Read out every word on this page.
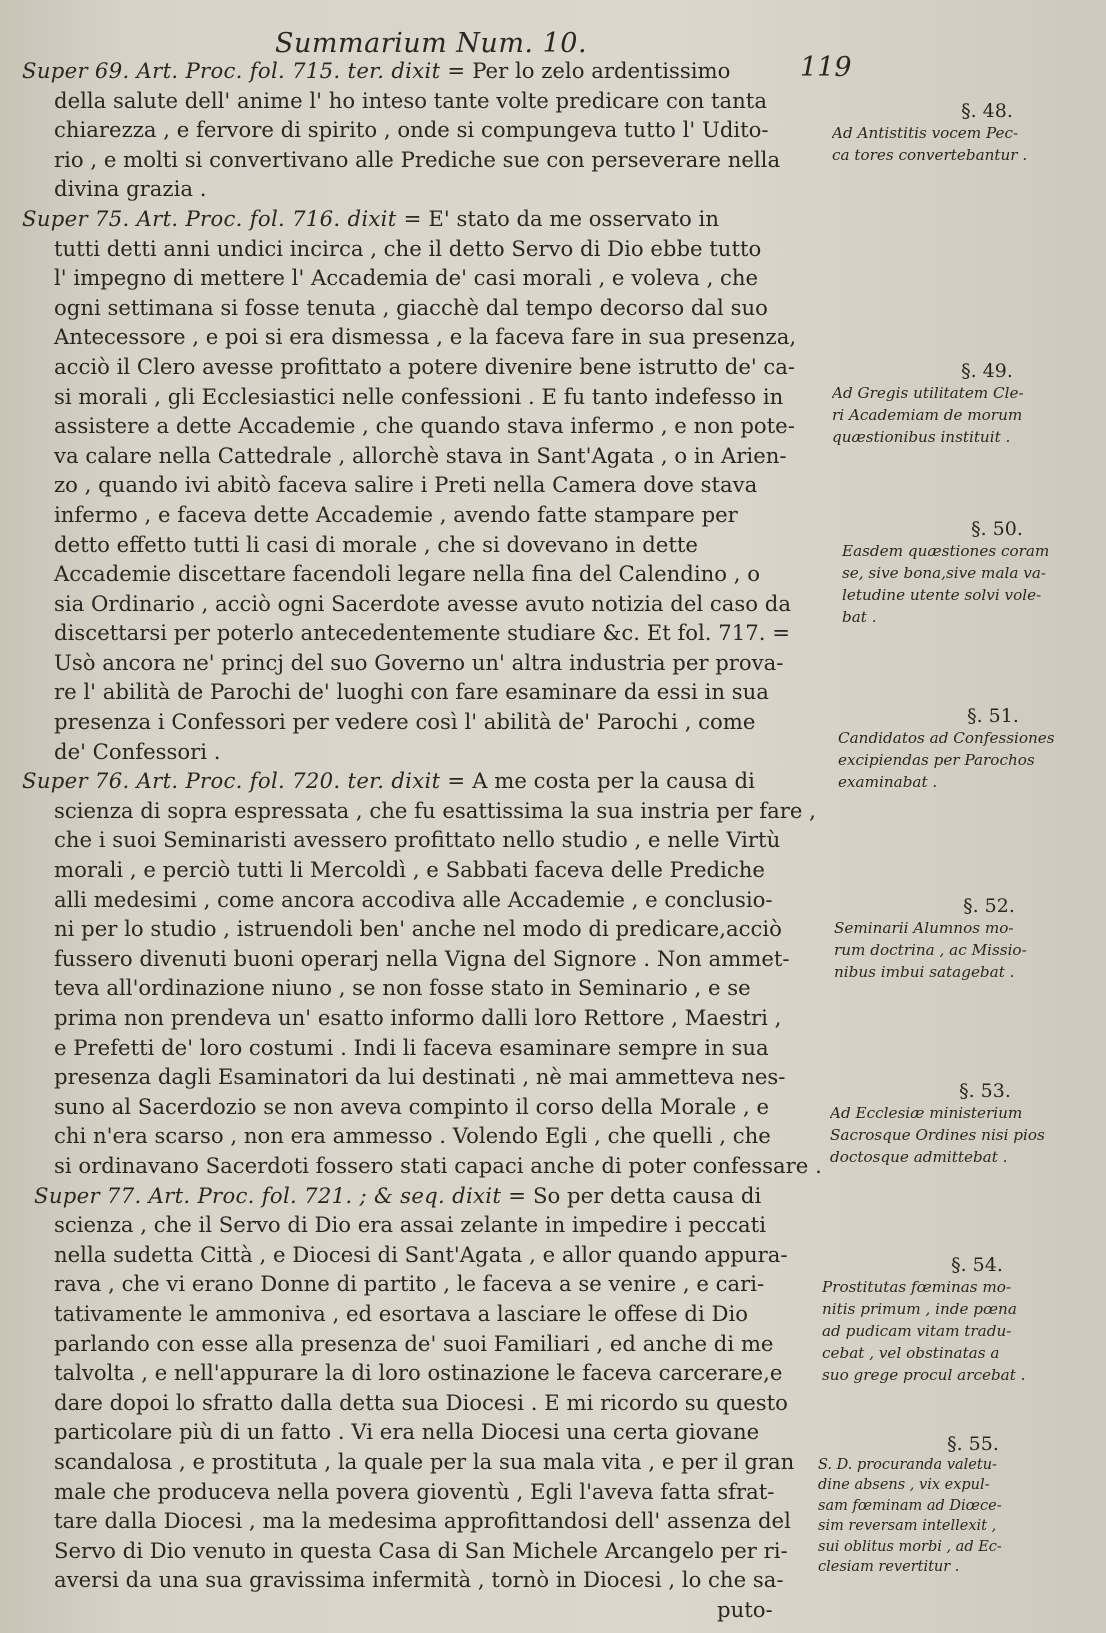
Summarium Num. 10.
119
Super 69. Art. Proc. fol. 715. ter. dixit = Per lo zelo ardentissimo
della salute dell' anime l' ho inteso tante volte predicare con tanta
chiarezza , e fervore di spirito , onde si compungeva tutto l' Udito-
rio , e molti si convertivano alle Prediche sue con perseverare nella
divina grazia .
Super 75. Art. Proc. fol. 716. dixit = E' stato da me osservato in
tutti detti anni undici incirca , che il detto Servo di Dio ebbe tutto
l' impegno di mettere l' Accademia de' casi morali , e voleva , che
ogni settimana si fosse tenuta , giacchè dal tempo decorso dal suo
Antecessore , e poi si era dismessa , e la faceva fare in sua presenza,
acciò il Clero avesse profittato a potere divenire bene istrutto de' ca-
si morali , gli Ecclesiastici nelle confessioni . E fu tanto indefesso in
assistere a dette Accademie , che quando stava infermo , e non pote-
va calare nella Cattedrale , allorchè stava in Sant'Agata , o in Arien-
zo , quando ivi abitò faceva salire i Preti nella Camera dove stava
infermo , e faceva dette Accademie , avendo fatte stampare per
detto effetto tutti li casi di morale , che si dovevano in dette
Accademie discettare facendoli legare nella fina del Calendino , o
sia Ordinario , acciò ogni Sacerdote avesse avuto notizia del caso da
discettarsi per poterlo antecedentemente studiare &c. Et fol. 717. =
Usò ancora ne' princj del suo Governo un' altra industria per prova-
re l' abilità de Parochi de' luoghi con fare esaminare da essi in sua
presenza i Confessori per vedere così l' abilità de' Parochi , come
de' Confessori .
Super 76. Art. Proc. fol. 720. ter. dixit = A me costa per la causa di
scienza di sopra espressata , che fu esattissima la sua instria per fare ,
che i suoi Seminaristi avessero profittato nello studio , e nelle Virtù
morali , e perciò tutti li Mercoldì , e Sabbati faceva delle Prediche
alli medesimi , come ancora accodiva alle Accademie , e conclusio-
ni per lo studio , istruendoli ben' anche nel modo di predicare,acciò
fussero divenuti buoni operarj nella Vigna del Signore . Non ammet-
teva all'ordinazione niuno , se non fosse stato in Seminario , e se
prima non prendeva un' esatto informo dalli loro Rettore , Maestri ,
e Prefetti de' loro costumi . Indi li faceva esaminare sempre in sua
presenza dagli Esaminatori da lui destinati , nè mai ammetteva nes-
suno al Sacerdozio se non aveva compinto il corso della Morale , e
chi n'era scarso , non era ammesso . Volendo Egli , che quelli , che
si ordinavano Sacerdoti fossero stati capaci anche di poter confessare .
Super 77. Art. Proc. fol. 721. ; & seq. dixit = So per detta causa di
scienza , che il Servo di Dio era assai zelante in impedire i peccati
nella sudetta Città , e Diocesi di Sant'Agata , e allor quando appura-
rava , che vi erano Donne di partito , le faceva a se venire , e cari-
tativamente le ammoniva , ed esortava a lasciare le offese di Dio
parlando con esse alla presenza de' suoi Familiari , ed anche di me
talvolta , e nell'appurare la di loro ostinazione le faceva carcerare,e
dare dopoi lo sfratto dalla detta sua Diocesi . E mi ricordo su questo
particolare più di un fatto . Vi era nella Diocesi una certa giovane
scandalosa , e prostituta , la quale per la sua mala vita , e per il gran
male che produceva nella povera gioventù , Egli l'aveva fatta sfrat-
tare dalla Diocesi , ma la medesima approfittandosi dell' assenza del
Servo di Dio venuto in questa Casa di San Michele Arcangelo per ri-
aversi da una sua gravissima infermità , tornò in Diocesi , lo che sa-
puto-
§. 48.
Ad Antistitis vocem Pec-
ca tores convertebantur .
§. 49.
Ad Gregis utilitatem Cle-
ri Academiam de morum
quæstionibus instituit .
§. 50.
Easdem quæstiones coram
se, sive bona,sive mala va-
letudine utente solvi vole-
bat .
§. 51.
Candidatos ad Confessiones
excipiendas per Parochos
examinabat .
§. 52.
Seminarii Alumnos mo-
rum doctrina , ac Missio-
nibus imbui satagebat .
§. 53.
Ad Ecclesiæ ministerium
Sacrosque Ordines nisi pios
doctosque admittebat .
§. 54.
Prostitutas fœminas mo-
nitis primum , inde pœna
ad pudicam vitam tradu-
cebat , vel obstinatas a
suo grege procul arcebat .
§. 55.
S. D. procuranda valetu-
dine absens , vix expul-
sam fœminam ad Diœce-
sim reversam intellexit ,
sui oblitus morbi , ad Ec-
clesiam revertitur .
